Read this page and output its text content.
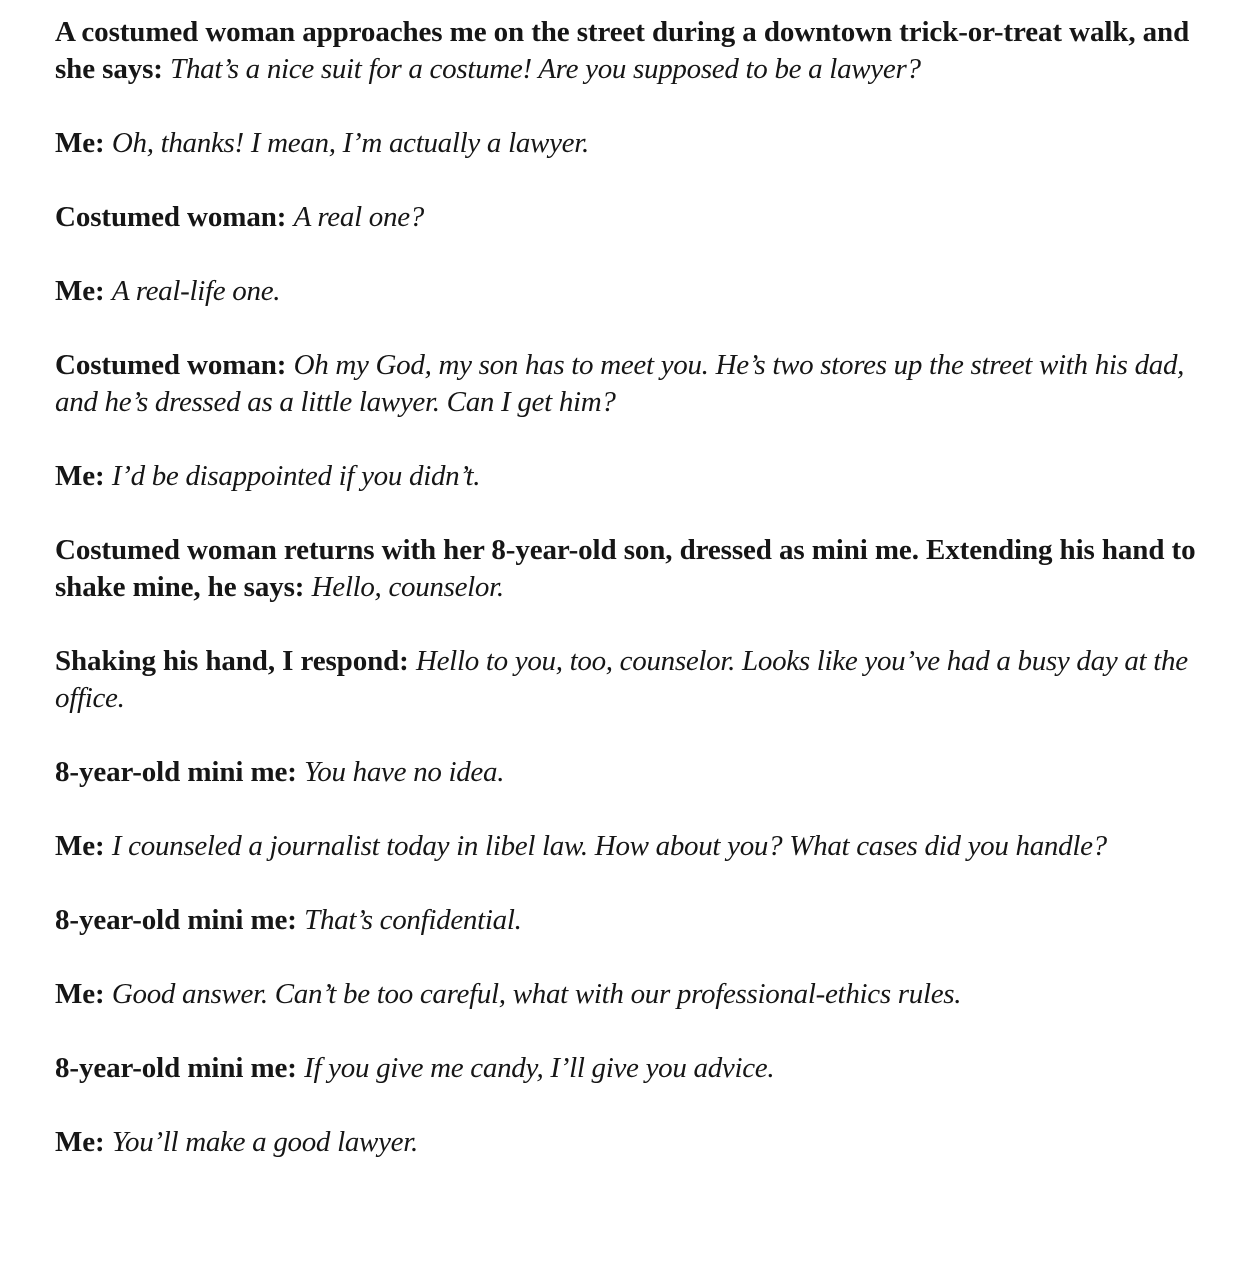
A costumed woman approaches me on the street during a downtown trick-or-treat walk, and she says: That’s a nice suit for a costume! Are you supposed to be a lawyer?

Me: Oh, thanks! I mean, I’m actually a lawyer.

Costumed woman: A real one?

Me: A real-life one.

Costumed woman: Oh my God, my son has to meet you. He’s two stores up the street with his dad, and he’s dressed as a little lawyer. Can I get him?

Me: I’d be disappointed if you didn’t.

Costumed woman returns with her 8-year-old son, dressed as mini me. Extending his hand to shake mine, he says: Hello, counselor.

Shaking his hand, I respond: Hello to you, too, counselor. Looks like you’ve had a busy day at the office.

8-year-old mini me: You have no idea.

Me: I counseled a journalist today in libel law. How about you? What cases did you handle?

8-year-old mini me: That’s confidential.

Me: Good answer. Can’t be too careful, what with our professional-ethics rules.

8-year-old mini me: If you give me candy, I’ll give you advice.

Me: You’ll make a good lawyer.
